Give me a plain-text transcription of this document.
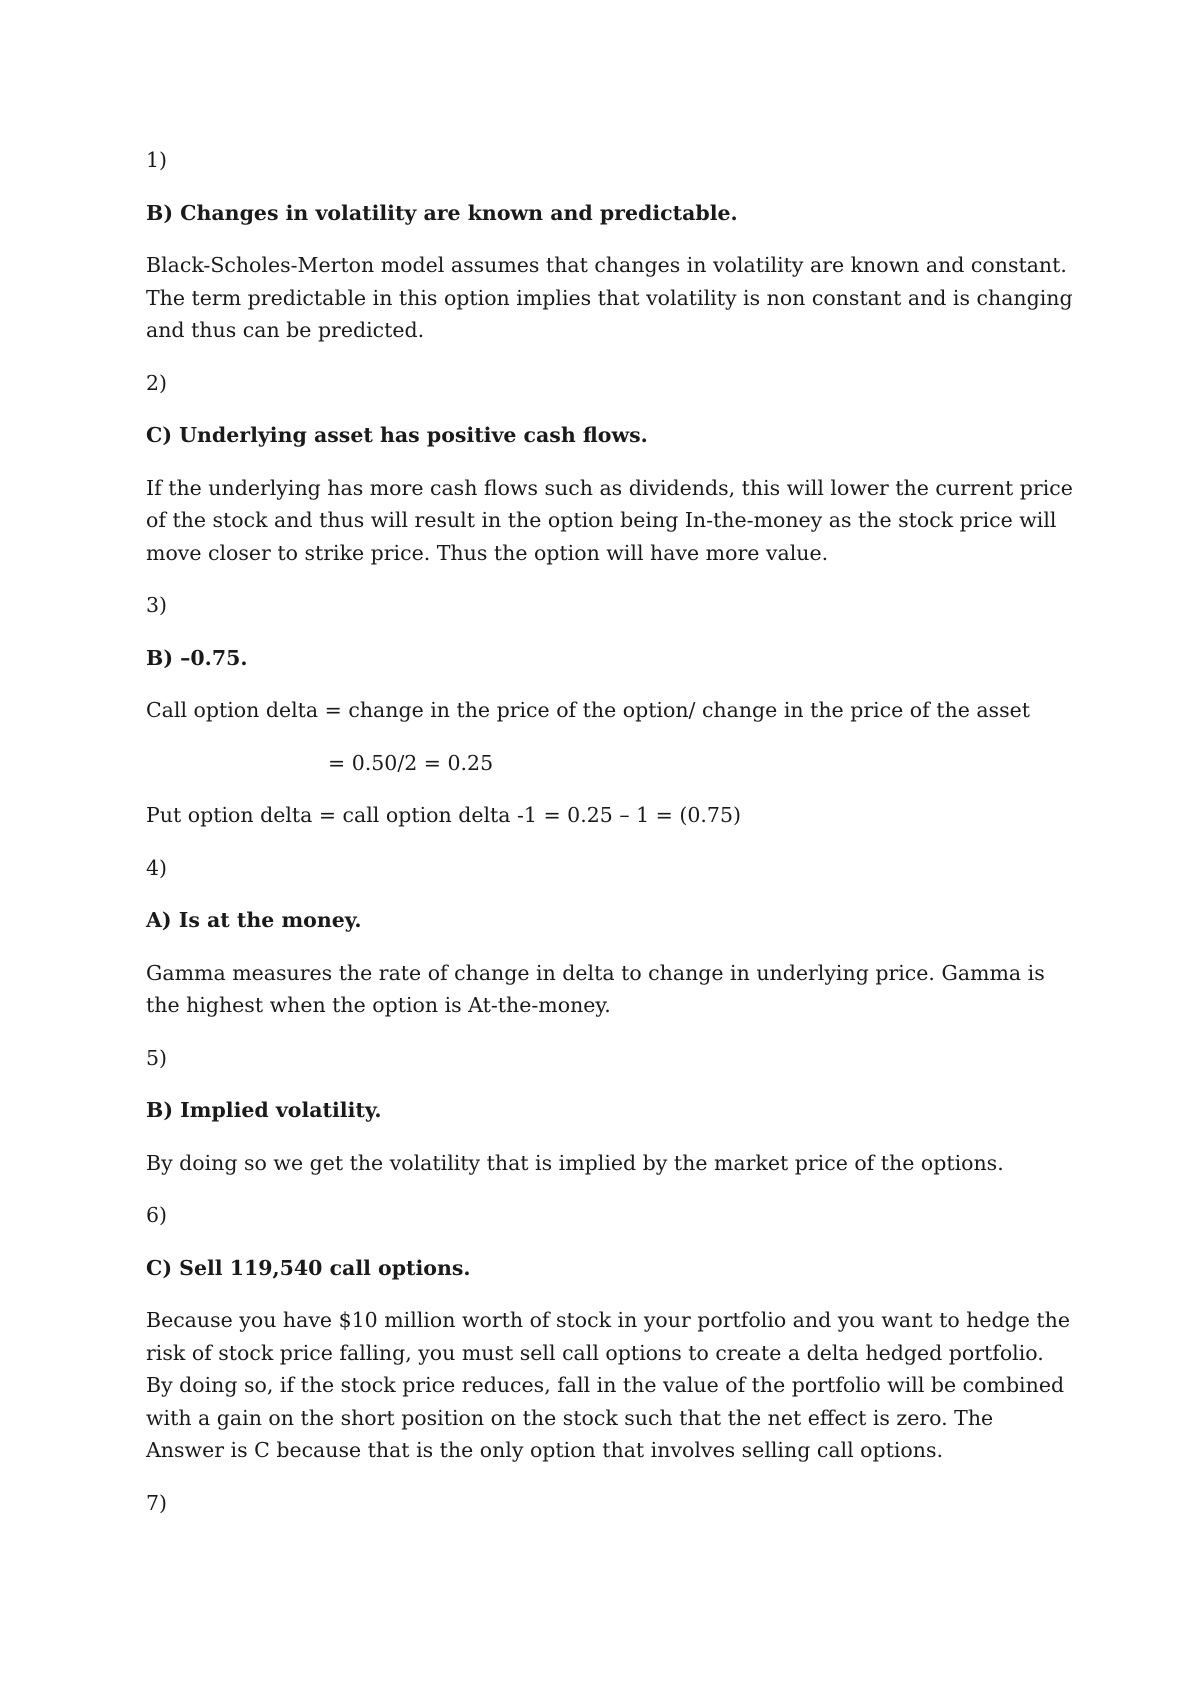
1)

B) Changes in volatility are known and predictable.

Black-Scholes-Merton model assumes that changes in volatility are known and constant. The term predictable in this option implies that volatility is non constant and is changing and thus can be predicted.

2)

C) Underlying asset has positive cash flows.

If the underlying has more cash flows such as dividends, this will lower the current price of the stock and thus will result in the option being In-the-money as the stock price will move closer to strike price. Thus the option will have more value.

3)

B) –0.75.

Call option delta = change in the price of the option/ change in the price of the asset

= 0.50/2 = 0.25

Put option delta = call option delta -1 = 0.25 – 1 = (0.75)

4)

A) Is at the money.

Gamma measures the rate of change in delta to change in underlying price. Gamma is the highest when the option is At-the-money.

5)

B) Implied volatility.

By doing so we get the volatility that is implied by the market price of the options.

6)

C) Sell 119,540 call options.

Because you have $10 million worth of stock in your portfolio and you want to hedge the risk of stock price falling, you must sell call options to create a delta hedged portfolio. By doing so, if the stock price reduces, fall in the value of the portfolio will be combined with a gain on the short position on the stock such that the net effect is zero. The Answer is C because that is the only option that involves selling call options.

7)
